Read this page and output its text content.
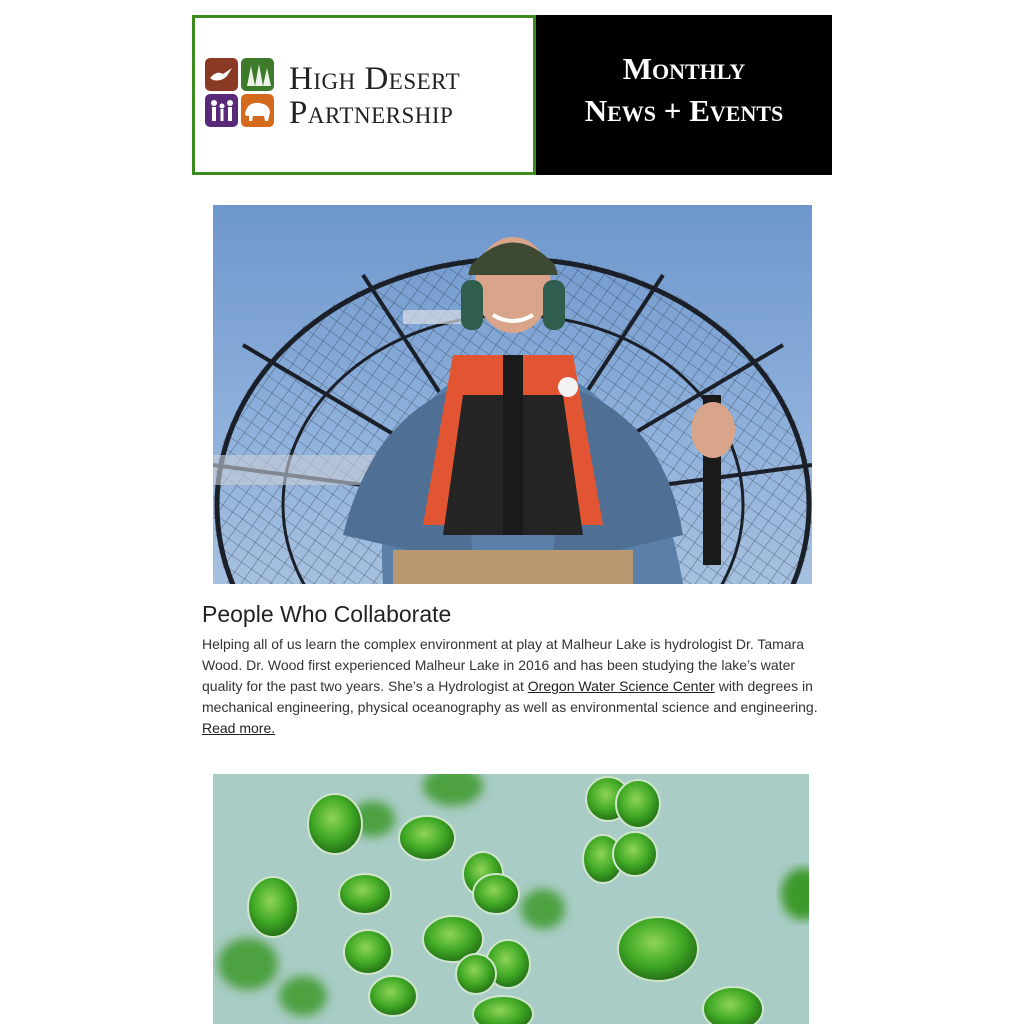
High Desert
Partnership
Monthly
News + Events
People Who Collaborate
Helping all of us learn the complex environment at play at Malheur Lake is hydrologist Dr. Tamara Wood. Dr. Wood first experienced Malheur Lake in 2016 and has been studying the lake’s water quality for the past two years. She’s a Hydrologist at Oregon Water Science Center with degrees in mechanical engineering, physical oceanography as well as environmental science and engineering. Read more.
